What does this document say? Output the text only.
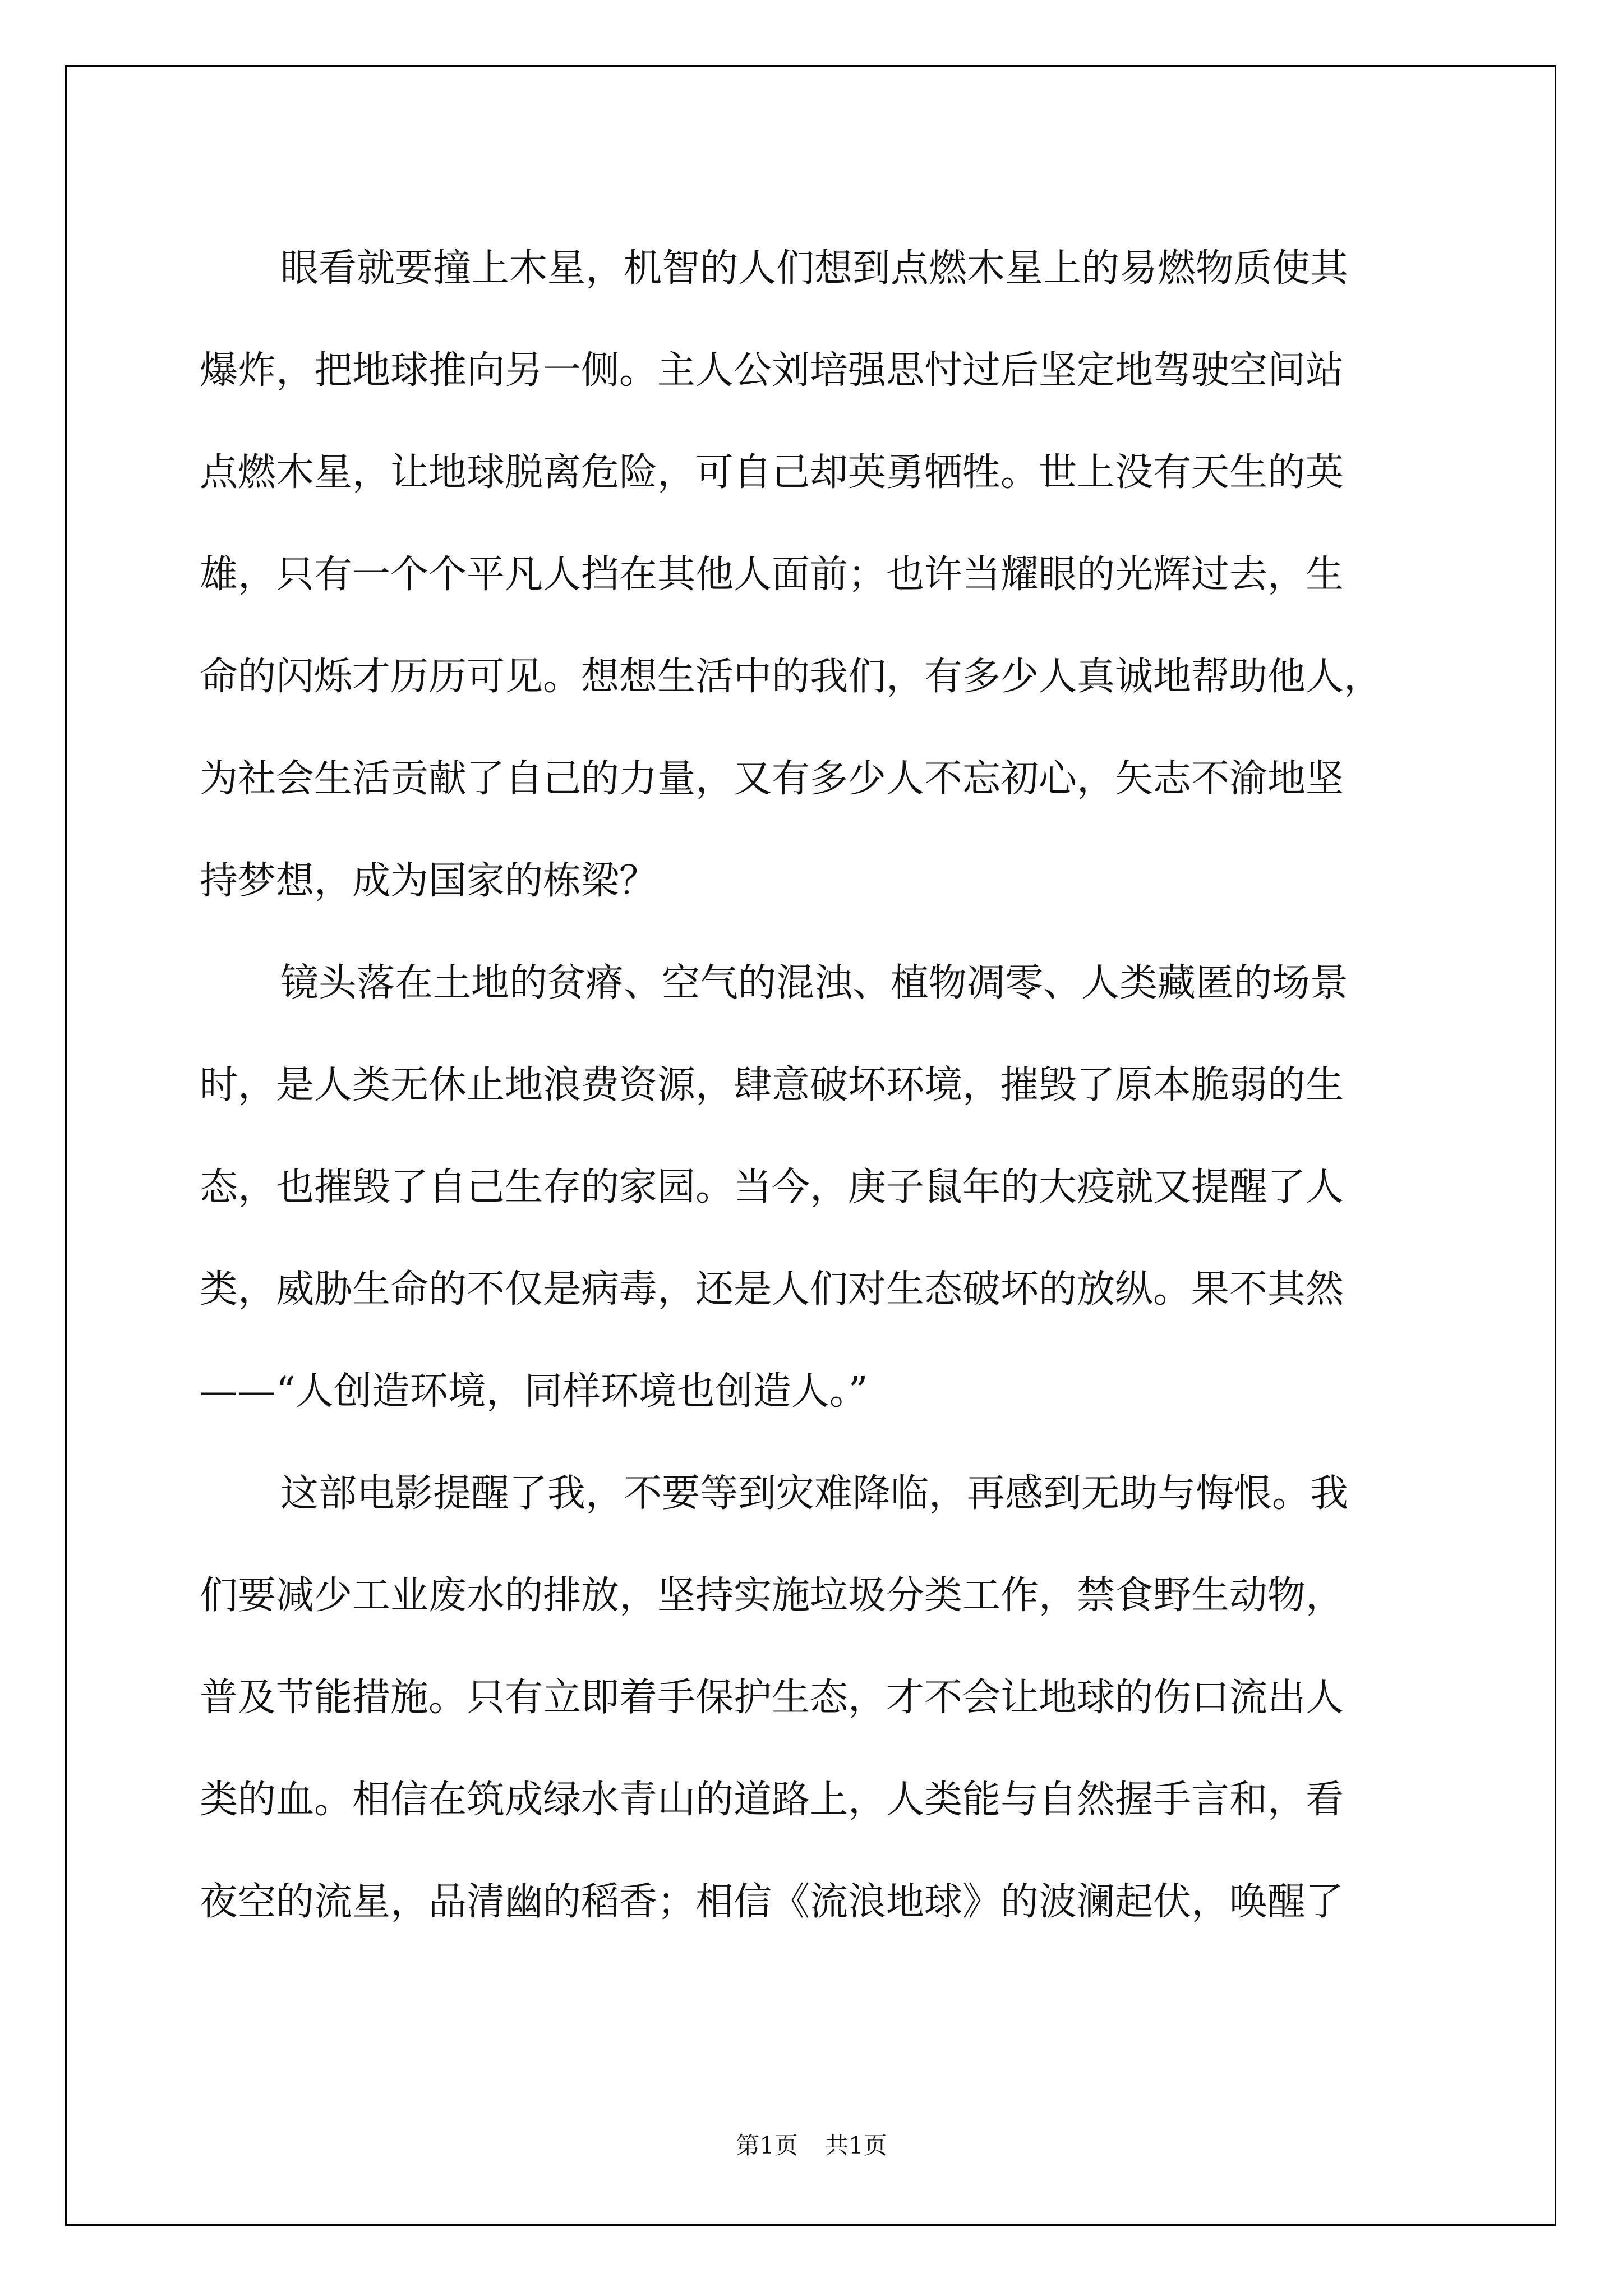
眼看就要撞上木星，机智的人们想到点燃木星上的易燃物质使其
爆炸，把地球推向另一侧。主人公刘培强思忖过后坚定地驾驶空间站
点燃木星，让地球脱离危险，可自己却英勇牺牲。世上没有天生的英
雄，只有一个个平凡人挡在其他人面前；也许当耀眼的光辉过去，生
命的闪烁才历历可见。想想生活中的我们，有多少人真诚地帮助他人，
为社会生活贡献了自己的力量，又有多少人不忘初心，矢志不渝地坚
持梦想，成为国家的栋梁？
镜头落在土地的贫瘠、空气的混浊、植物凋零、人类藏匿的场景
时，是人类无休止地浪费资源，肆意破坏环境，摧毁了原本脆弱的生
态，也摧毁了自己生存的家园。当今，庚子鼠年的大疫就又提醒了人
类，威胁生命的不仅是病毒，还是人们对生态破坏的放纵。果不其然
——“人创造环境，同样环境也创造人。”
这部电影提醒了我，不要等到灾难降临，再感到无助与悔恨。我
们要减少工业废水的排放，坚持实施垃圾分类工作，禁食野生动物，
普及节能措施。只有立即着手保护生态，才不会让地球的伤口流出人
类的血。相信在筑成绿水青山的道路上，人类能与自然握手言和，看
夜空的流星，品清幽的稻香；相信《流浪地球》的波澜起伏，唤醒了
第1页 共1页
